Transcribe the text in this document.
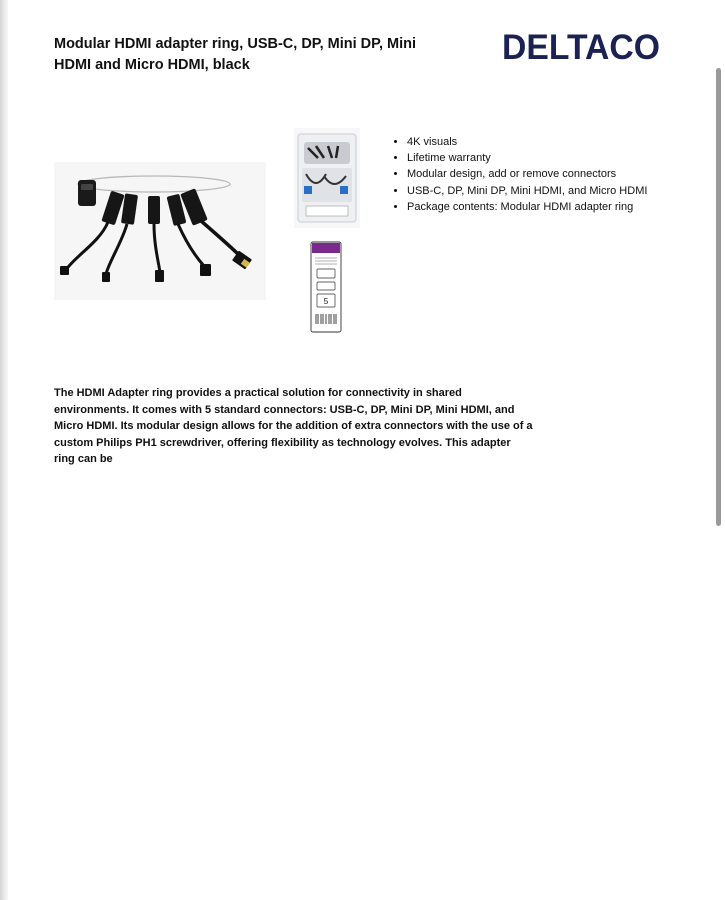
Modular HDMI adapter ring, USB-C, DP, Mini DP, Mini HDMI and Micro HDMI, black	DELTACO
5
• 4K visuals
• Lifetime warranty
• Modular design, add or remove connectors
• USB-C, DP, Mini DP, Mini HDMI, and Micro HDMI
• Package contents: Modular HDMI adapter ring

The HDMI Adapter ring provides a practical solution for connectivity in shared environments. It comes with 5 standard connectors: USB-C, DP, Mini DP, Mini HDMI, and Micro HDMI. Its modular design allows for the addition of extra connectors with the use of a custom Philips PH1 screwdriver, offering flexibility as technology evolves. This adapter ring can be
